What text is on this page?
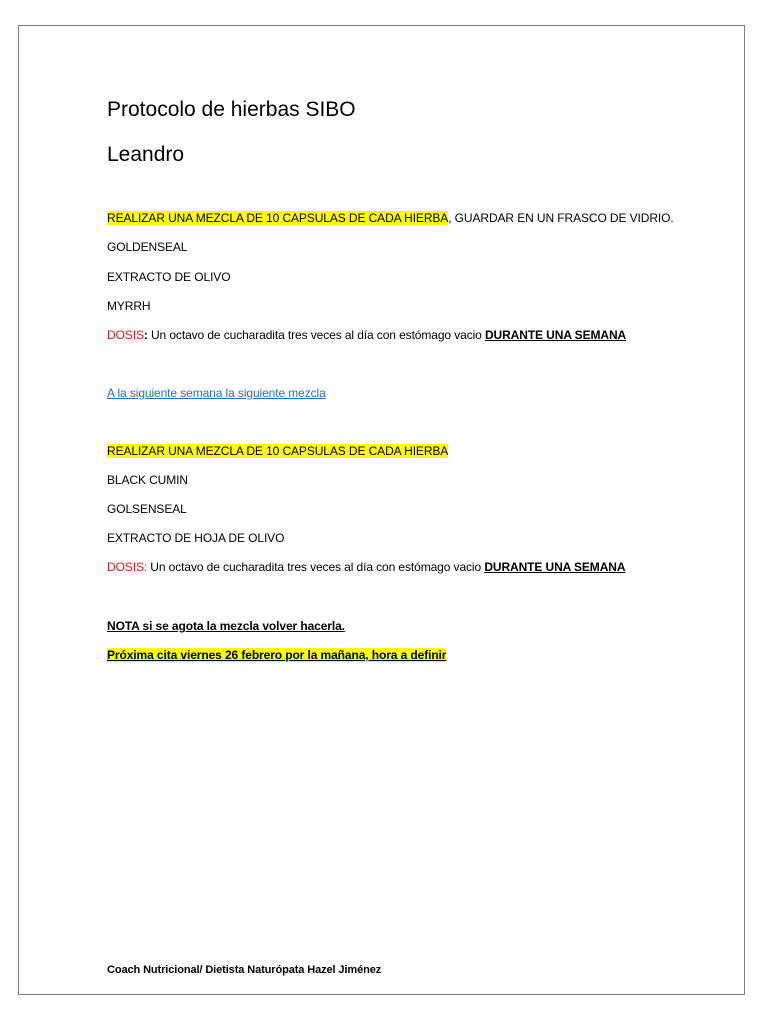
Protocolo de hierbas SIBO
Leandro
REALIZAR UNA MEZCLA DE 10 CAPSULAS DE CADA HIERBA, GUARDAR EN UN FRASCO DE VIDRIO.
GOLDENSEAL
EXTRACTO DE OLIVO
MYRRH
DOSIS: Un octavo de cucharadita tres veces al día con estómago vacio DURANTE UNA SEMANA
A la siguiente semana la siguiente mezcla
REALIZAR UNA MEZCLA DE 10 CAPSULAS DE CADA HIERBA
BLACK CUMIN
GOLSENSEAL
EXTRACTO DE HOJA DE OLIVO
DOSIS: Un octavo de cucharadita tres veces al día con estómago vacio DURANTE UNA SEMANA
NOTA si se agota la mezcla volver hacerla.
Próxima cita viernes 26 febrero por la mañana, hora a definir
Coach Nutricional/ Dietista Naturópata Hazel Jiménez
